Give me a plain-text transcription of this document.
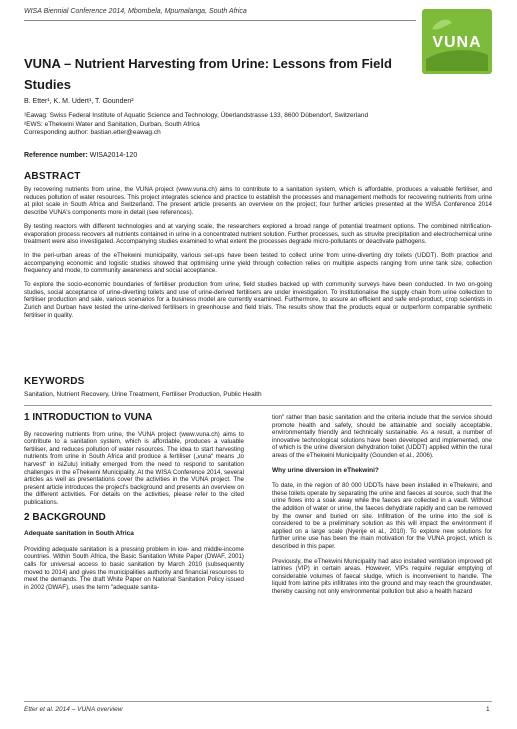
WISA Biennial Conference 2014, Mbombela, Mpumalanga, South Africa
VUNA
VUNA – Nutrient Harvesting from Urine: Lessons from Field Studies
B. Etter¹, K. M. Udert¹, T. Gounden²
¹Eawag: Swiss Federal Institute of Aquatic Science and Technology, Überlandstrasse 133, 8600 Dübendorf, Switzerland
²EWS: eThekwini Water and Sanitation, Durban, South Africa
Corresponding author: bastian.etter@eawag.ch
Reference number: WISA2014-120
ABSTRACT

By recovering nutrients from urine, the VUNA project (www.vuna.ch) aims to contribute to a sanitation system, which is affordable, produces a valuable fertiliser, and reduces pollution of water resources. This project integrates science and practice to establish the processes and management methods for recovering nutrients from urine at pilot scale in South Africa and Switzerland. The present article presents an overview on the project; four further articles presented at the WISA Conference 2014 describe VUNA's components more in detail (see references).

By testing reactors with different technologies and at varying scale, the researchers explored a broad range of potential treatment options. The combined nitrification-evaporation process recovers all nutrients contained in urine in a concentrated nutrient solution. Further processes, such as struvite precipitation and electrochemical urine treatment were also investigated. Accompanying studies examined to what extent the processes degrade micro-pollutants or deactivate pathogens.

In the peri-urban areas of the eThekwini municipality, various set-ups have been tested to collect urine from urine-diverting dry toilets (UDDT). Both practice and accompanying economic and logistic studies showed that optimising urine yield through collection relies on multiple aspects ranging from urine tank size, collection frequency and mode, to community awareness and social acceptance.

To explore the socio-economic boundaries of fertiliser production from urine, field studies backed up with community surveys have been conducted. In two on-going studies, social acceptance of urine-diverting toilets and use of urine-derived fertilisers are under investigation. To institutionalise the supply chain from urine collection to fertiliser production and sale, various scenarios for a business model are currently examined. Furthermore, to assure an efficient and safe end-product, crop scientists in Zurich and Durban have tested the urine-derived fertilisers in greenhouse and field trials. The results show that the products equal or outperform comparable synthetic fertiliser in quality.

KEYWORDS
Sanitation, Nutrient Recovery, Urine Treatment, Fertiliser Production, Public Health
1 INTRODUCTION to VUNA

By recovering nutrients from urine, the VUNA project (www.vuna.ch) aims to contribute to a sanitation system, which is affordable, produces a valuable fertiliser, and reduces pollution of water resources. The idea to start harvesting nutrients from urine in South Africa and produce a fertiliser („vuna“ means „to harvest“ in isiZulu) initially emerged from the need to respond to sanitation challenges in the eThekwini Municipality. At the WISA Conference 2014, several articles as well as presentations cover the activities in the VUNA project. The present article introduces the project's background and presents an overview on the different activities. For details on the activities, please refer to the cited publications.

2 BACKGROUND
Adequate sanitation in South Africa

Providing adequate sanitation is a pressing problem in low- and middle-income countries. Within South Africa, the Basic Sanitation White Paper (DWAF, 2001) calls for universal access to basic sanitation by March 2010 (subsequently moved to 2014) and gives the municipalities authority and financial resources to meet the demands. The draft White Paper on National Sanitation Policy issued in 2002 (DWAF), uses the term "adequate sanita-

tion" rather than basic sanitation and the criteria include that the service should promote health and safety, should be attainable and socially acceptable, environmentally friendly and technically sustainable. As a result, a number of innovative technological solutions have been developed and implemented, one of which is the urine diversion dehydration toilet (UDDT) applied within the rural areas of the eThekwini Municipality (Gounden et al., 2006).

Why urine diversion in eThekwini?

To date, in the region of 80 000 UDDTs have been installed in eThekwini, and these toilets operate by separating the urine and faeces at source, such that the urine flows into a soak away while the faeces are collected in a vault. Without the addition of water or urine, the faeces dehydrate rapidly and can be removed by the owner and buried on site. Infiltration of the urine into the soil is considered to be a preliminary solution as this will impact the environment if applied on a large scale (Nyenje et al., 2010). To explore new solutions for further urine use has been the main motivation for the VUNA project, which is described in this paper.

Previously, the eThekwini Municipality had also installed ventilation improved pit latrines (VIP) in certain areas. However, VIPs require regular emptying of considerable volumes of faecal sludge, which is inconvenient to handle. The liquid from latrine pits infiltrates into the ground and may reach the groundwater, thereby causing not only environmental pollution but also a health hazard

Etter et al. 2014 – VUNA overview	1
